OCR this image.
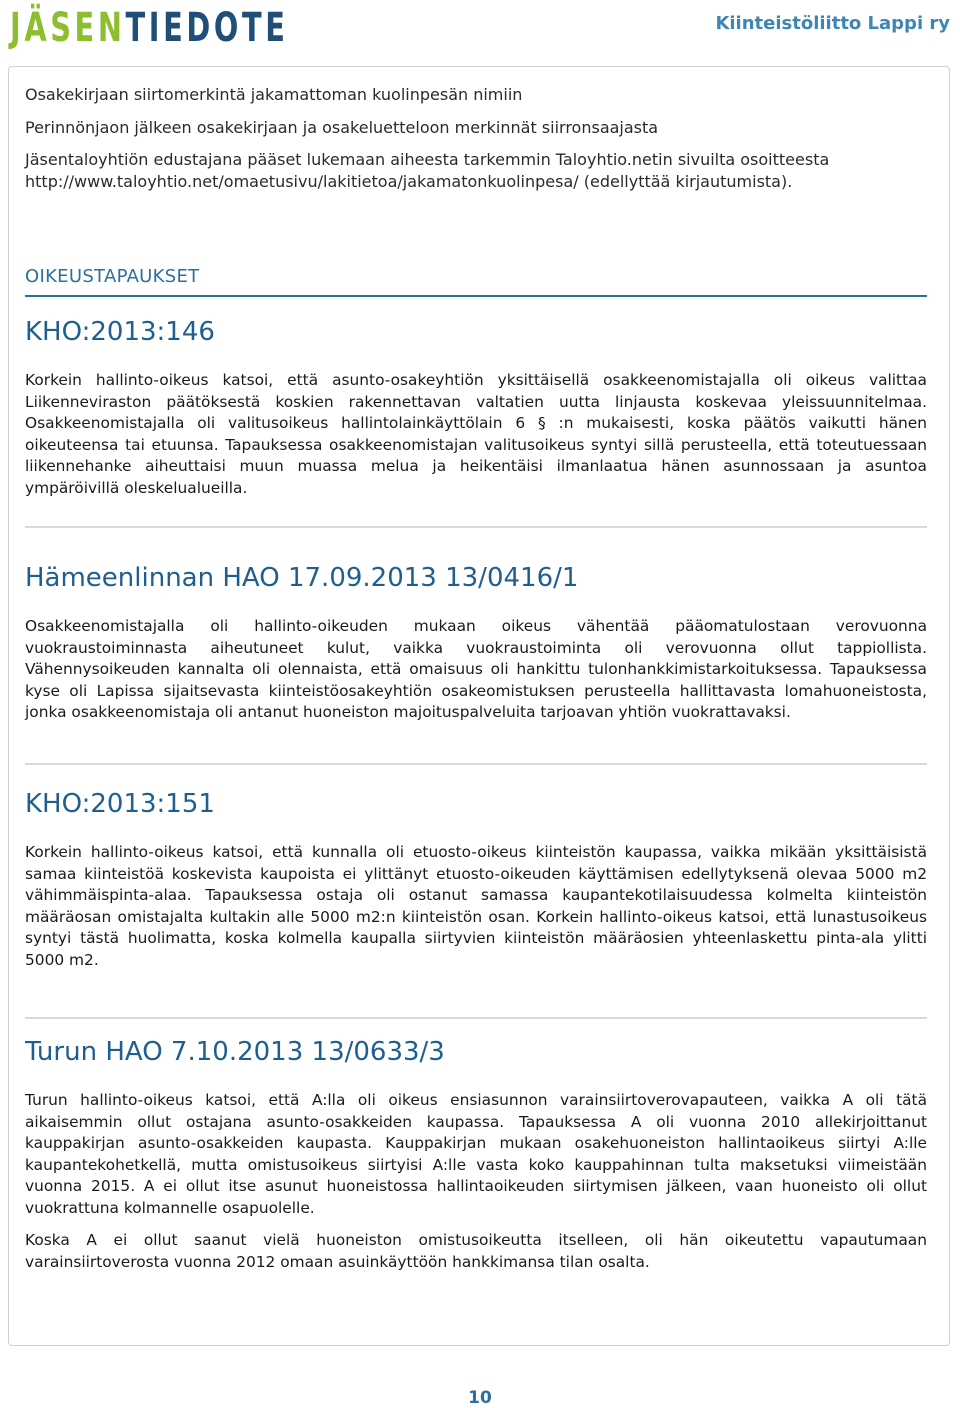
JÄSENTIEDOTE	Kiinteistöliitto Lappi ry

Osakekirjaan siirtomerkintä jakamattoman kuolinpesän nimiin

Perinnönjaon jälkeen osakekirjaan ja osakeluetteloon merkinnät siirronsaajasta

Jäsentaloyhtiön edustajana pääset lukemaan aiheesta tarkemmin Taloyhtio.netin sivuilta osoitteesta http://www.taloyhtio.net/omaetusivu/lakitietoa/jakamatonkuolinpesa/ (edellyttää kirjautumista).

OIKEUSTAPAUKSET
KHO:2013:146

Korkein hallinto-oikeus katsoi, että asunto-osakeyhtiön yksittäisellä osakkeenomistajalla oli oikeus valittaa Liikenneviraston päätöksestä koskien rakennettavan valtatien uutta linjausta koskevaa yleissuunnitelmaa. Osakkeenomistajalla oli valitusoikeus hallintolainkäyttölain 6 § :n mukaisesti, koska päätös vaikutti hänen oikeuteensa tai etuunsa. Tapauksessa osakkeenomistajan valitusoikeus syntyi sillä perusteella, että toteutuessaan liikennehanke aiheuttaisi muun muassa melua ja heikentäisi ilmanlaatua hänen asunnossaan ja asuntoa ympäröivillä oleskelualueilla.

Hämeenlinnan HAO 17.09.2013 13/0416/1

Osakkeenomistajalla oli hallinto-oikeuden mukaan oikeus vähentää pääomatulostaan verovuonna vuokraustoiminnasta aiheutuneet kulut, vaikka vuokraustoiminta oli verovuonna ollut tappiollista. Vähennysoikeuden kannalta oli olennaista, että omaisuus oli hankittu tulonhankkimistarkoituksessa. Tapauksessa kyse oli Lapissa sijaitsevasta kiinteistöosakeyhtiön osakeomistuksen perusteella hallittavasta lomahuoneistosta, jonka osakkeenomistaja oli antanut huoneiston majoituspalveluita tarjoavan yhtiön vuokrattavaksi.

KHO:2013:151

Korkein hallinto-oikeus katsoi, että kunnalla oli etuosto-oikeus kiinteistön kaupassa, vaikka mikään yksittäisistä samaa kiinteistöä koskevista kaupoista ei ylittänyt etuosto-oikeuden käyttämisen edellytyksenä olevaa 5000 m2 vähimmäispinta-alaa. Tapauksessa ostaja oli ostanut samassa kaupantekotilaisuudessa kolmelta kiinteistön määräosan omistajalta kultakin alle 5000 m2:n kiinteistön osan. Korkein hallinto-oikeus katsoi, että lunastusoikeus syntyi tästä huolimatta, koska kolmella kaupalla siirtyvien kiinteistön määräosien yhteenlaskettu pinta-ala ylitti 5000 m2.

Turun HAO 7.10.2013 13/0633/3

Turun hallinto-oikeus katsoi, että A:lla oli oikeus ensiasunnon varainsiirtoverovapauteen, vaikka A oli tätä aikaisemmin ollut ostajana asunto-osakkeiden kaupassa. Tapauksessa A oli vuonna 2010 allekirjoittanut kauppakirjan asunto-osakkeiden kaupasta. Kauppakirjan mukaan osakehuoneiston hallintaoikeus siirtyi A:lle kaupantekohetkellä, mutta omistusoikeus siirtyisi A:lle vasta koko kauppahinnan tulta maksetuksi viimeistään vuonna 2015. A ei ollut itse asunut huoneistossa hallintaoikeuden siirtymisen jälkeen, vaan huoneisto oli ollut vuokrattuna kolmannelle osapuolelle.

Koska A ei ollut saanut vielä huoneiston omistusoikeutta itselleen, oli hän oikeutettu vapautumaan varainsiirtoverosta vuonna 2012 omaan asuinkäyttöön hankkimansa tilan osalta.

10
